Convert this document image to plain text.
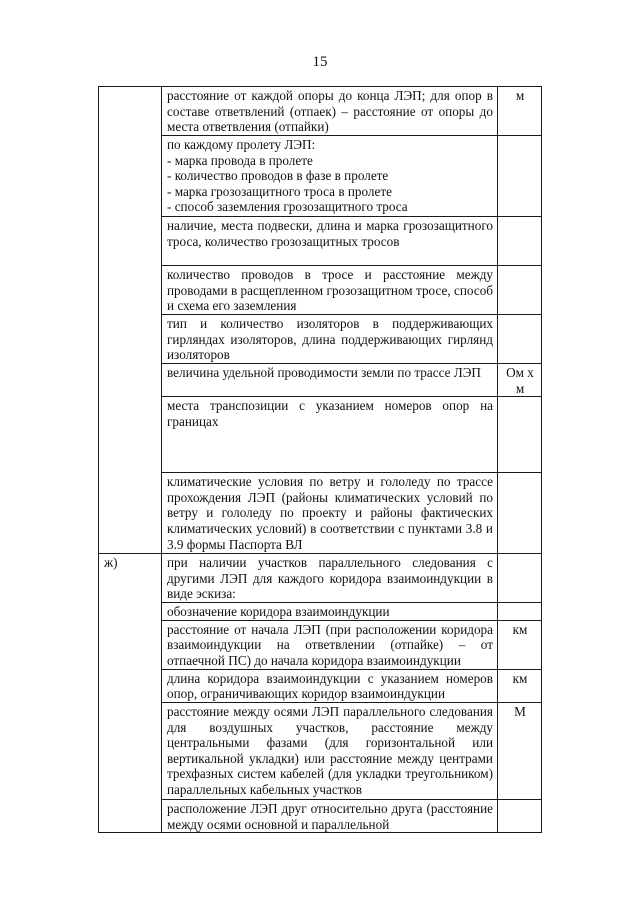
15
	расстояние от каждой опоры до конца ЛЭП; для опор в составе ответвлений (отпаек) – расстояние от опоры до места ответвления (отпайки)	м

	по каждому пролету ЛЭП:
- марка провода в пролете
- количество проводов в фазе в пролете
- марка грозозащитного троса в пролете
- способ заземления грозозащитного троса	

	наличие, места подвески, длина и марка грозозащитного троса, количество грозозащитных тросов	
	количество проводов в тросе и расстояние между проводами в расщепленном грозозащитном тросе, способ и схема его заземления	
	тип и количество изоляторов в поддерживающих гирляндах изоляторов, длина поддерживающих гирлянд изоляторов	
	величина удельной проводимости земли по трассе ЛЭП	Ом х м
	места транспозиции с указанием номеров опор на границах	
	климатические условия по ветру и гололеду по трассе прохождения ЛЭП (районы климатических условий по ветру и гололеду по проекту и районы фактических климатических условий) в соответствии с пунктами 3.8 и 3.9 формы Паспорта ВЛ	
ж)	при наличии участков параллельного следования с другими ЛЭП для каждого коридора взаимоиндукции в виде эскиза:	
	обозначение коридора взаимоиндукции	
	расстояние от начала ЛЭП (при расположении коридора взаимоиндукции на ответвлении (отпайке) – от отпаечной ПС) до начала коридора взаимоиндукции	км
	длина коридора взаимоиндукции с указанием номеров опор, ограничивающих коридор взаимоиндукции	км
	расстояние между осями ЛЭП параллельного следования для воздушных участков, расстояние между центральными фазами (для горизонтальной или вертикальной укладки) или расстояние между центрами трехфазных систем кабелей (для укладки треугольником) параллельных кабельных участков	М
	расположение ЛЭП друг относительно друга (расстояние между осями основной и параллельной	
